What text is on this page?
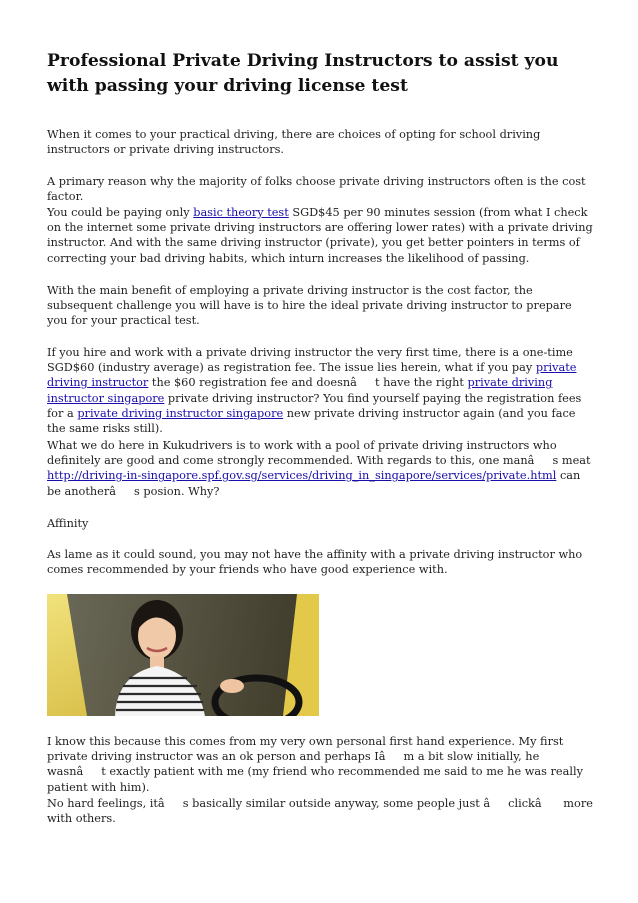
Professional Private Driving Instructors to assist you with passing your driving license test

When it comes to your practical driving, there are choices of opting for school driving instructors or private driving instructors.

A primary reason why the majority of folks choose private driving instructors often is the cost factor.

You could be paying only basic theory test SGD$45 per 90 minutes session (from what I check on the internet some private driving instructors are offering lower rates) with a private driving instructor. And with the same driving instructor (private), you get better pointers in terms of correcting your bad driving habits, which inturn increases the likelihood of passing.

With the main benefit of employing a private driving instructor is the cost factor, the subsequent challenge you will have is to hire the ideal private driving instructor to prepare you for your practical test.

If you hire and work with a private driving instructor the very first time, there is a one-time SGD$60 (industry average) as registration fee. The issue lies herein, what if you pay private driving instructor the $60 registration fee and doesnât have the right private driving instructor singapore private driving instructor? You find yourself paying the registration fees for a private driving instructor singapore new private driving instructor again (and you face the same risks still).

What we do here in Kukudrivers is to work with a pool of private driving instructors who definitely are good and come strongly recommended. With regards to this, one manâs meat http://driving-in-singapore.spf.gov.sg/services/driving_in_singapore/services/private.html can be anotherâs posion. Why?

Affinity

As lame as it could sound, you may not have the affinity with a private driving instructor who comes recommended by your friends who have good experience with.

I know this because this comes from my very own personal first hand experience. My first private driving instructor was an ok person and perhaps Iâm a bit slow initially, he wasnât exactly patient with me (my friend who recommended me said to me he was really patient with him).

No hard feelings, itâs basically similar outside anyway, some people just âclickâ more with others.
